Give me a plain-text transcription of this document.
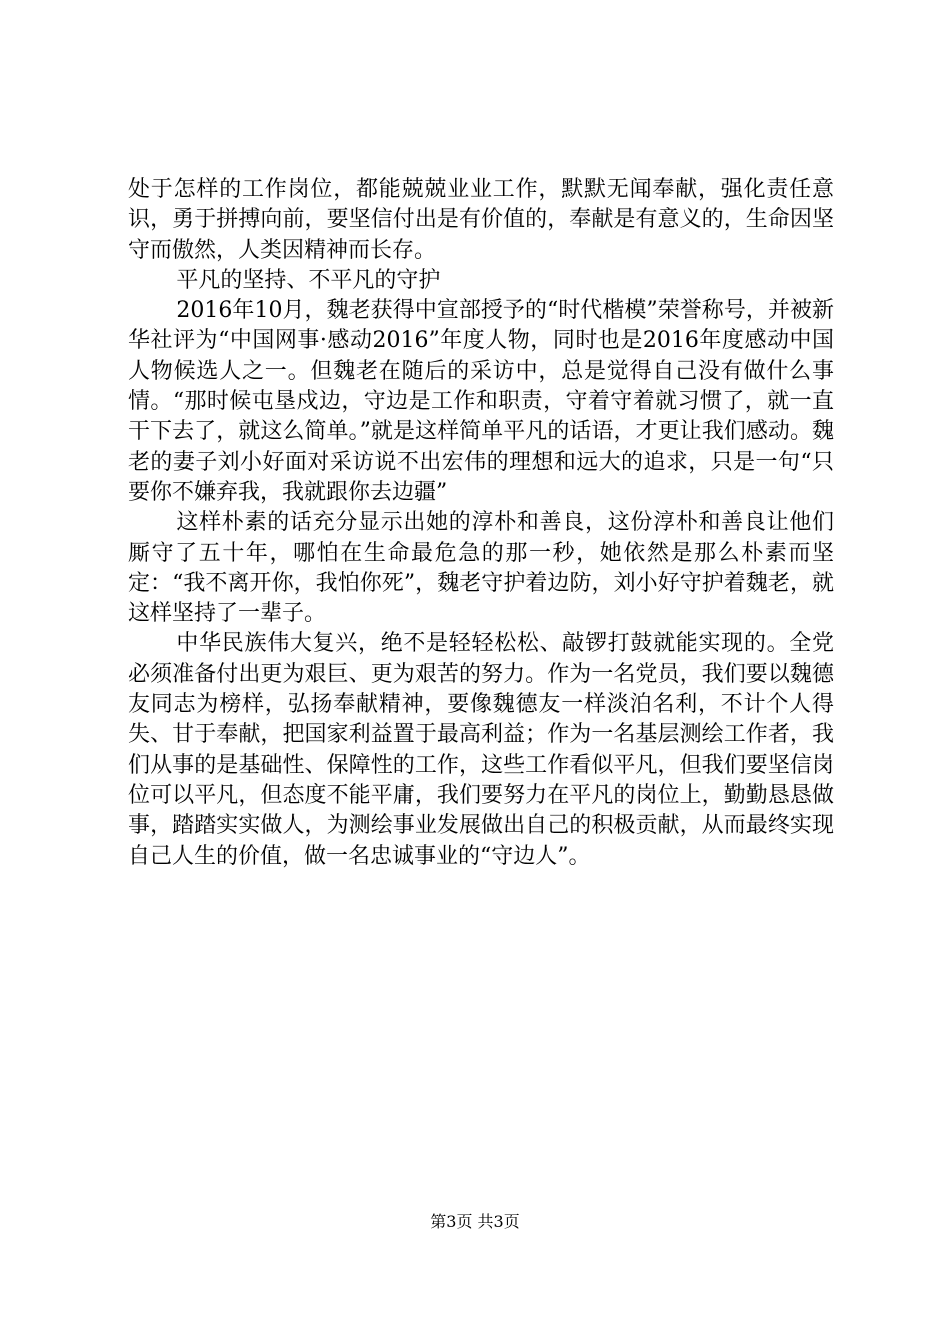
处于怎样的工作岗位，都能兢兢业业工作，默默无闻奉献，强化责任意识，勇于拼搏向前，要坚信付出是有价值的，奉献是有意义的，生命因坚守而傲然，人类因精神而长存。

平凡的坚持、不平凡的守护

2016年10月，魏老获得中宣部授予的“时代楷模”荣誉称号，并被新华社评为“中国网事·感动2016”年度人物，同时也是2016年度感动中国人物候选人之一。但魏老在随后的采访中，总是觉得自己没有做什么事情。“那时候屯垦戍边，守边是工作和职责，守着守着就习惯了，就一直干下去了，就这么简单。”就是这样简单平凡的话语，才更让我们感动。魏老的妻子刘小好面对采访说不出宏伟的理想和远大的追求，只是一句“只要你不嫌弃我，我就跟你去边疆”

这样朴素的话充分显示出她的淳朴和善良，这份淳朴和善良让他们厮守了五十年，哪怕在生命最危急的那一秒，她依然是那么朴素而坚定：“我不离开你，我怕你死”，魏老守护着边防，刘小好守护着魏老，就这样坚持了一辈子。

中华民族伟大复兴，绝不是轻轻松松、敲锣打鼓就能实现的。全党必须准备付出更为艰巨、更为艰苦的努力。作为一名党员，我们要以魏德友同志为榜样，弘扬奉献精神，要像魏德友一样淡泊名利，不计个人得失、甘于奉献，把国家利益置于最高利益；作为一名基层测绘工作者，我们从事的是基础性、保障性的工作，这些工作看似平凡，但我们要坚信岗位可以平凡，但态度不能平庸，我们要努力在平凡的岗位上，勤勤恳恳做事，踏踏实实做人，为测绘事业发展做出自己的积极贡献，从而最终实现自己人生的价值，做一名忠诚事业的“守边人”。

第3页 共3页
